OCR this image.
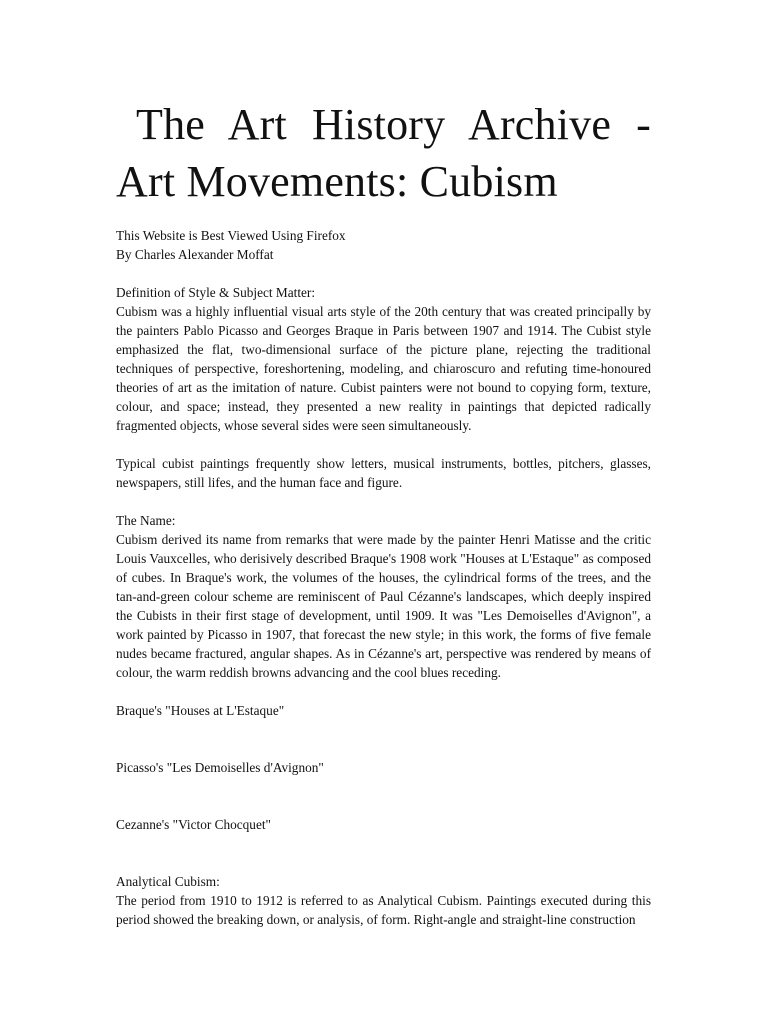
The Art History Archive - Art Movements: Cubism
This Website is Best Viewed Using Firefox
By Charles Alexander Moffat
Definition of Style & Subject Matter:

Cubism was a highly influential visual arts style of the 20th century that was created principally by the painters Pablo Picasso and Georges Braque in Paris between 1907 and 1914. The Cubist style emphasized the flat, two-dimensional surface of the picture plane, rejecting the traditional techniques of perspective, foreshortening, modeling, and chiaroscuro and refuting time-honoured theories of art as the imitation of nature. Cubist painters were not bound to copying form, texture, colour, and space; instead, they presented a new reality in paintings that depicted radically fragmented objects, whose several sides were seen simultaneously.

Typical cubist paintings frequently show letters, musical instruments, bottles, pitchers, glasses, newspapers, still lifes, and the human face and figure.

The Name:

Cubism derived its name from remarks that were made by the painter Henri Matisse and the critic Louis Vauxcelles, who derisively described Braque's 1908 work "Houses at L'Estaque" as composed of cubes. In Braque's work, the volumes of the houses, the cylindrical forms of the trees, and the tan-and-green colour scheme are reminiscent of Paul Cézanne's landscapes, which deeply inspired the Cubists in their first stage of development, until 1909. It was "Les Demoiselles d'Avignon", a work painted by Picasso in 1907, that forecast the new style; in this work, the forms of five female nudes became fractured, angular shapes. As in Cézanne's art, perspective was rendered by means of colour, the warm reddish browns advancing and the cool blues receding.

Braque's "Houses at L'Estaque"
Picasso's "Les Demoiselles d'Avignon"
Cezanne's "Victor Chocquet"
Analytical Cubism:

The period from 1910 to 1912 is referred to as Analytical Cubism. Paintings executed during this period showed the breaking down, or analysis, of form. Right-angle and straight-line construction
